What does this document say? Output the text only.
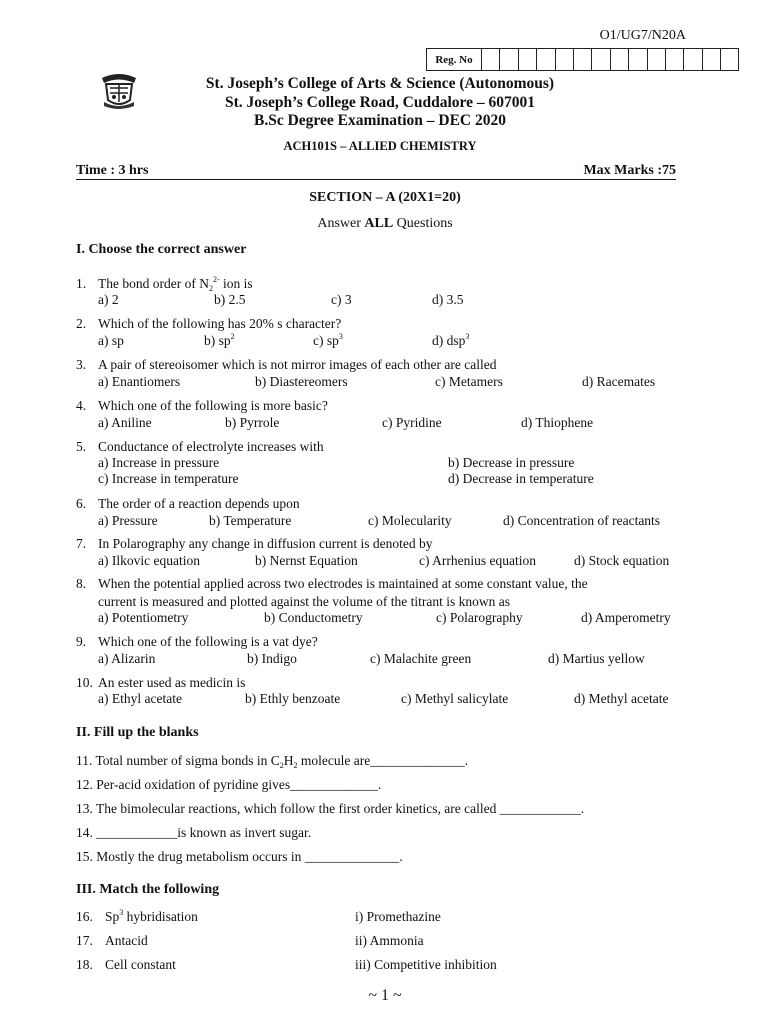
O1/UG7/N20A
Reg. No
St. Joseph’s College of Arts & Science (Autonomous)
St. Joseph’s College Road, Cuddalore – 607001
B.Sc Degree Examination – DEC 2020
ACH101S – ALLIED CHEMISTRY
Time : 3 hrs	Max Marks :75
SECTION – A (20X1=20)
Answer ALL Questions
I. Choose the correct answer
1. The bond order of $N_2^{2-}$ ion is
a) 2	b) 2.5	c) 3	d) 3.5
2. Which of the following has 20% s character?
a) sp	b) $sp^2$	c) $sp^3$	d) dsp$^3$
3. A pair of stereoisomer which is not mirror images of each other are called
a) Enantiomers	b) Diastereomers	c) Metamers	d) Racemates
4. Which one of the following is more basic?
a) Aniline	b) Pyrrole	c) Pyridine	d) Thiophene
5. Conductance of electrolyte increases with
a) Increase in pressure	b) Decrease in pressure
c) Increase in temperature	d) Decrease in temperature
6. The order of a reaction depends upon
a) Pressure	b) Temperature	c) Molecularity	d) Concentration of reactants
7. In Polarography any change in diffusion current is denoted by
a) Ilkovic equation	b) Nernst Equation	c) Arrhenius equation	d) Stock equation
8. When the potential applied across two electrodes is maintained at some constant value, the
current is measured and plotted against the volume of the titrant is known as
a) Potentiometry	b) Conductometry	c) Polarography	d) Amperometry
9. Which one of the following is a vat dye?
a) Alizarin	b) Indigo	c) Malachite green	d) Martius yellow
10. An ester used as medicin is
a) Ethyl acetate	b) Ethly benzoate	c) Methyl salicylate	d) Methyl acetate
II. Fill up the blanks
11. Total number of sigma bonds in $C_2H_2$ molecule are______________.
12. Per-acid oxidation of pyridine gives_____________.
13. The bimolecular reactions, which follow the first order kinetics, are called ____________.
14. ____________is known as invert sugar.
15. Mostly the drug metabolism occurs in ______________.
III. Match the following
16. Sp$^3$ hybridisation	i) Promethazine
17. Antacid	ii) Ammonia
18. Cell constant	iii) Competitive inhibition
~ 1 ~
